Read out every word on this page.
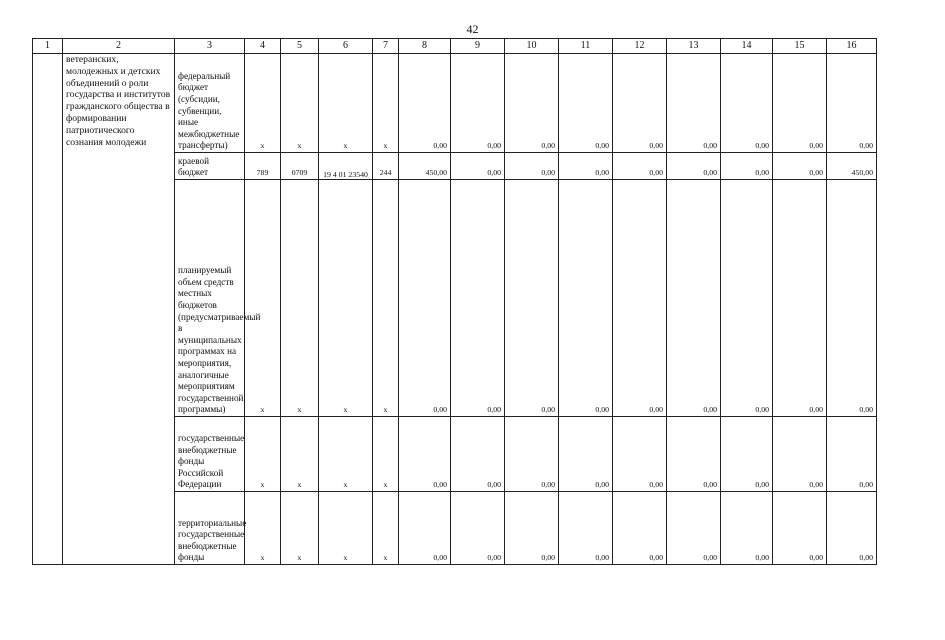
42
1	2	3	4	5	6	7	8	9	10	11	12	13	14	15	16
	ветеранских, молодежных и детских объединений о роли государства и институтов гражданского общества в формировании патриотического сознания молодежи	федеральный бюджет (субсидии, субвенции, иные межбюджетные трансферты)	x	x	x	x	0,00	0,00	0,00	0,00	0,00	0,00	0,00	0,00	0,00
		краевой бюджет	789	0709	19 4 01 23540	244	450,00	0,00	0,00	0,00	0,00	0,00	0,00	0,00	450,00
		планируемый объем средств местных бюджетов (предусматриваемый в муниципальных программах на мероприятия, аналогичные мероприятиям государственной программы)	x	x	x	x	0,00	0,00	0,00	0,00	0,00	0,00	0,00	0,00	0,00
		государственные внебюджетные фонды Российской Федерации	x	x	x	x	0,00	0,00	0,00	0,00	0,00	0,00	0,00	0,00	0,00
		территориальные государственные внебюджетные фонды	x	x	x	x	0,00	0,00	0,00	0,00	0,00	0,00	0,00	0,00	0,00
